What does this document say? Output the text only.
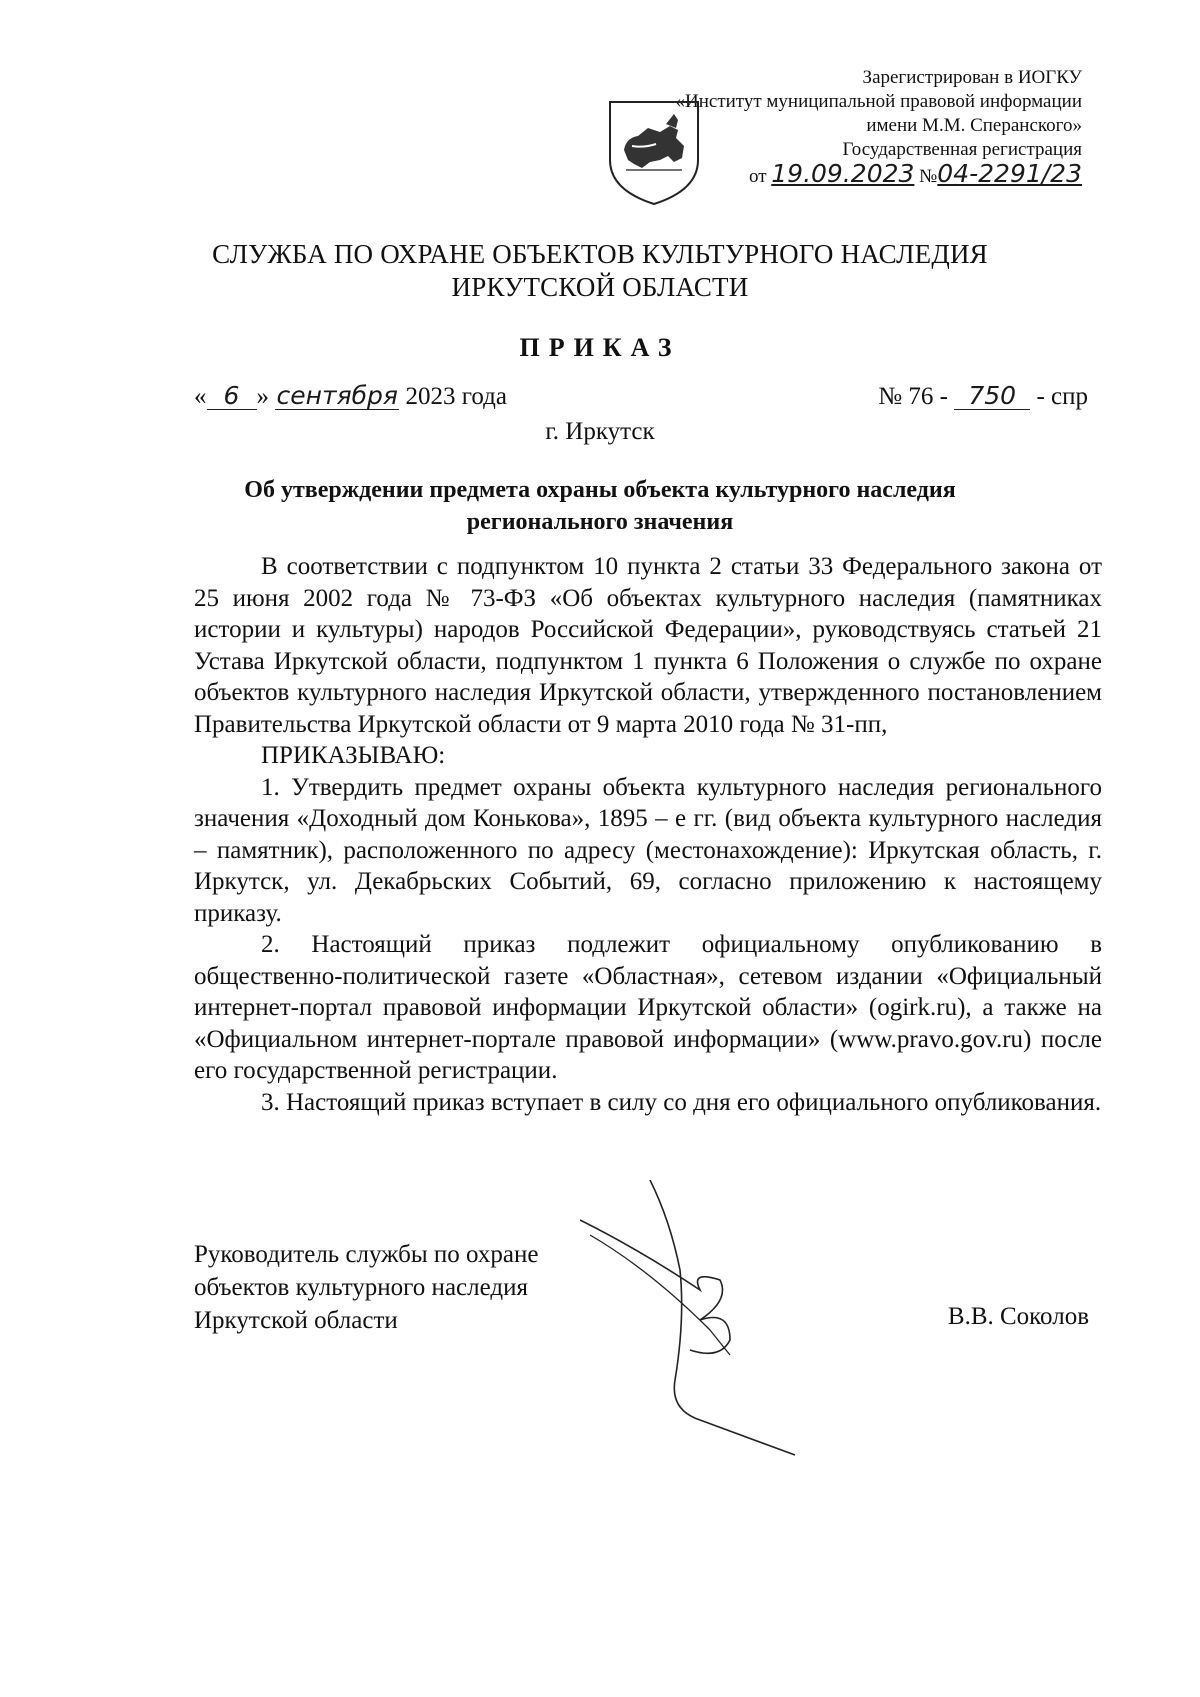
Зарегистрирован в ИОГКУ
«Институт муниципальной правовой информации
имени М.М. Сперанского»
Государственная регистрация
от 19.09.2023 №04-2291/23
СЛУЖБА ПО ОХРАНЕ ОБЪЕКТОВ КУЛЬТУРНОГО НАСЛЕДИЯ
ИРКУТСКОЙ ОБЛАСТИ
ПРИКАЗ
« 6 » сентября 2023 года	№ 76 - 750 - спр
г. Иркутск
Об утверждении предмета охраны объекта культурного наследия
регионального значения

В соответствии с подпунктом 10 пункта 2 статьи 33 Федерального закона от 25 июня 2002 года № 73-ФЗ «Об объектах культурного наследия (памятниках истории и культуры) народов Российской Федерации», руководствуясь статьей 21 Устава Иркутской области, подпунктом 1 пункта 6 Положения о службе по охране объектов культурного наследия Иркутской области, утвержденного постановлением Правительства Иркутской области от 9 марта 2010 года № 31-пп,

ПРИКАЗЫВАЮ:

1. Утвердить предмет охраны объекта культурного наследия регионального значения «Доходный дом Конькова», 1895 – е гг. (вид объекта культурного наследия – памятник), расположенного по адресу (местонахождение): Иркутская область, г. Иркутск, ул. Декабрьских Событий, 69, согласно приложению к настоящему приказу.

2. Настоящий приказ подлежит официальному опубликованию в общественно-политической газете «Областная», сетевом издании «Официальный интернет-портал правовой информации Иркутской области» (ogirk.ru), а также на «Официальном интернет-портале правовой информации» (www.pravo.gov.ru) после его государственной регистрации.

3. Настоящий приказ вступает в силу со дня его официального опубликования.

Руководитель службы по охране
объектов культурного наследия
Иркутской области	В.В. Соколов
